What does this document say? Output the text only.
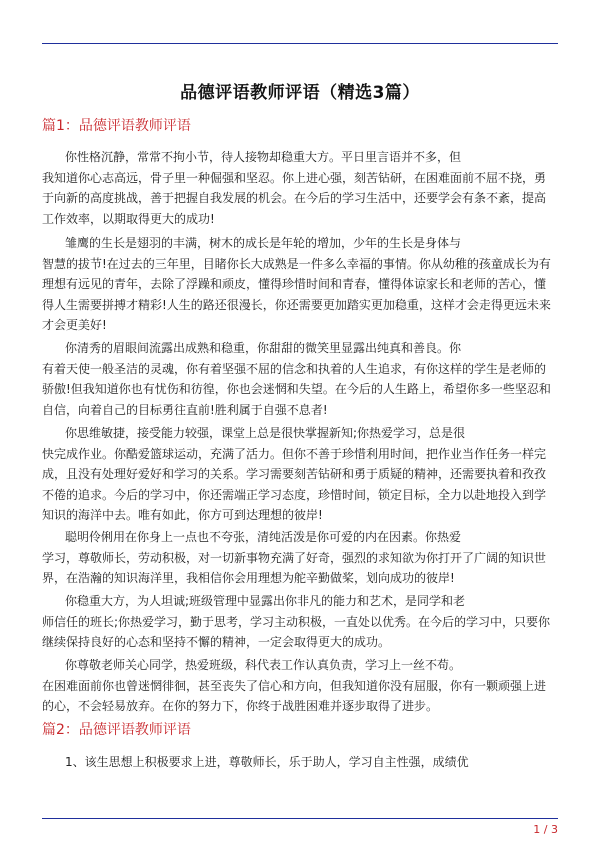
品德评语教师评语（精选3篇）
篇1：品德评语教师评语
你性格沉静，常常不拘小节，待人接物却稳重大方。平日里言语并不多，但
我知道你心志高远，骨子里一种倔强和坚忍。你上进心强，刻苦钻研，在困难面前不屈不挠，勇
于向新的高度挑战，善于把握自我发展的机会。在今后的学习生活中，还要学会有条不紊，提高
工作效率，以期取得更大的成功!
雏鹰的生长是翅羽的丰满，树木的成长是年轮的增加，少年的生长是身体与
智慧的拔节!在过去的三年里，目睹你长大成熟是一件多么幸福的事情。你从幼稚的孩童成长为有
理想有远见的青年，去除了浮躁和顽皮，懂得珍惜时间和青春，懂得体谅家长和老师的苦心，懂
得人生需要拼搏才精彩!人生的路还很漫长，你还需要更加踏实更加稳重，这样才会走得更远未来
才会更美好!
你清秀的眉眼间流露出成熟和稳重，你甜甜的微笑里显露出纯真和善良。你
有着天使一般圣洁的灵魂，你有着坚强不屈的信念和执着的人生追求，有你这样的学生是老师的
骄傲!但我知道你也有忧伤和彷徨，你也会迷惘和失望。在今后的人生路上，希望你多一些坚忍和
自信，向着自己的目标勇往直前!胜利属于自强不息者!
你思维敏捷，接受能力较强，课堂上总是很快掌握新知;你热爱学习，总是很
快完成作业。你酷爱篮球运动，充满了活力。但你不善于珍惜利用时间，把作业当作任务一样完
成，且没有处理好爱好和学习的关系。学习需要刻苦钻研和勇于质疑的精神，还需要执着和孜孜
不倦的追求。今后的学习中，你还需端正学习态度，珍惜时间，锁定目标，全力以赴地投入到学
知识的海洋中去。唯有如此，你方可到达理想的彼岸!
聪明伶俐用在你身上一点也不夸张，清纯活泼是你可爱的内在因素。你热爱
学习，尊敬师长，劳动积极，对一切新事物充满了好奇，强烈的求知欲为你打开了广阔的知识世
界，在浩瀚的知识海洋里，我相信你会用理想为舵辛勤做桨，划向成功的彼岸!
你稳重大方，为人坦诚;班级管理中显露出你非凡的能力和艺术，是同学和老
师信任的班长;你热爱学习，勤于思考，学习主动积极，一直处以优秀。在今后的学习中，只要你
继续保持良好的心态和坚持不懈的精神，一定会取得更大的成功。
你尊敬老师关心同学，热爱班级，科代表工作认真负责，学习上一丝不苟。
在困难面前你也曾迷惘徘徊，甚至丧失了信心和方向，但我知道你没有屈服，你有一颗顽强上进
的心，不会轻易放弃。在你的努力下，你终于战胜困难并逐步取得了进步。
篇2：品德评语教师评语
1、该生思想上积极要求上进，尊敬师长，乐于助人，学习自主性强，成绩优
1 / 3
